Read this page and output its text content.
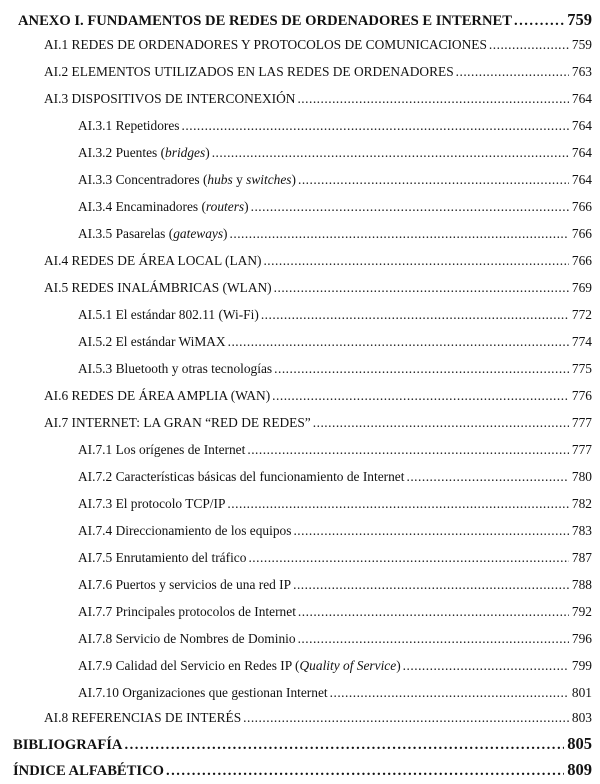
ANEXO I. FUNDAMENTOS DE REDES DE ORDENADORES E INTERNET .....	759
AI.1 REDES DE ORDENADORES Y PROTOCOLOS DE COMUNICACIONES .....	759
AI.2 ELEMENTOS UTILIZADOS EN LAS REDES DE ORDENADORES .....	763
AI.3 DISPOSITIVOS DE INTERCONEXIÓN .....	764
AI.3.1 Repetidores .....	764
AI.3.2 Puentes (bridges) .....	764
AI.3.3 Concentradores (hubs y switches) .....	764
AI.3.4 Encaminadores (routers) .....	766
AI.3.5 Pasarelas (gateways) .....	766
AI.4 REDES DE ÁREA LOCAL (LAN) .....	766
AI.5 REDES INALÁMBRICAS (WLAN) .....	769
AI.5.1 El estándar 802.11 (Wi-Fi) .....	772
AI.5.2 El estándar WiMAX .....	774
AI.5.3 Bluetooth y otras tecnologías .....	775
AI.6 REDES DE ÁREA AMPLIA (WAN) .....	776
AI.7 INTERNET: LA GRAN “RED DE REDES” .....	777
AI.7.1 Los orígenes de Internet .....	777
AI.7.2 Características básicas del funcionamiento de Internet .....	780
AI.7.3 El protocolo TCP/IP .....	782
AI.7.4 Direccionamiento de los equipos .....	783
AI.7.5 Enrutamiento del tráfico .....	787
AI.7.6 Puertos y servicios de una red IP .....	788
AI.7.7 Principales protocolos de Internet .....	792
AI.7.8 Servicio de Nombres de Dominio .....	796
AI.7.9 Calidad del Servicio en Redes IP (Quality of Service) .....	799
AI.7.10 Organizaciones que gestionan Internet .....	801
AI.8 REFERENCIAS DE INTERÉS .....	803
BIBLIOGRAFÍA .....	805
ÍNDICE ALFABÉTICO .....	809
